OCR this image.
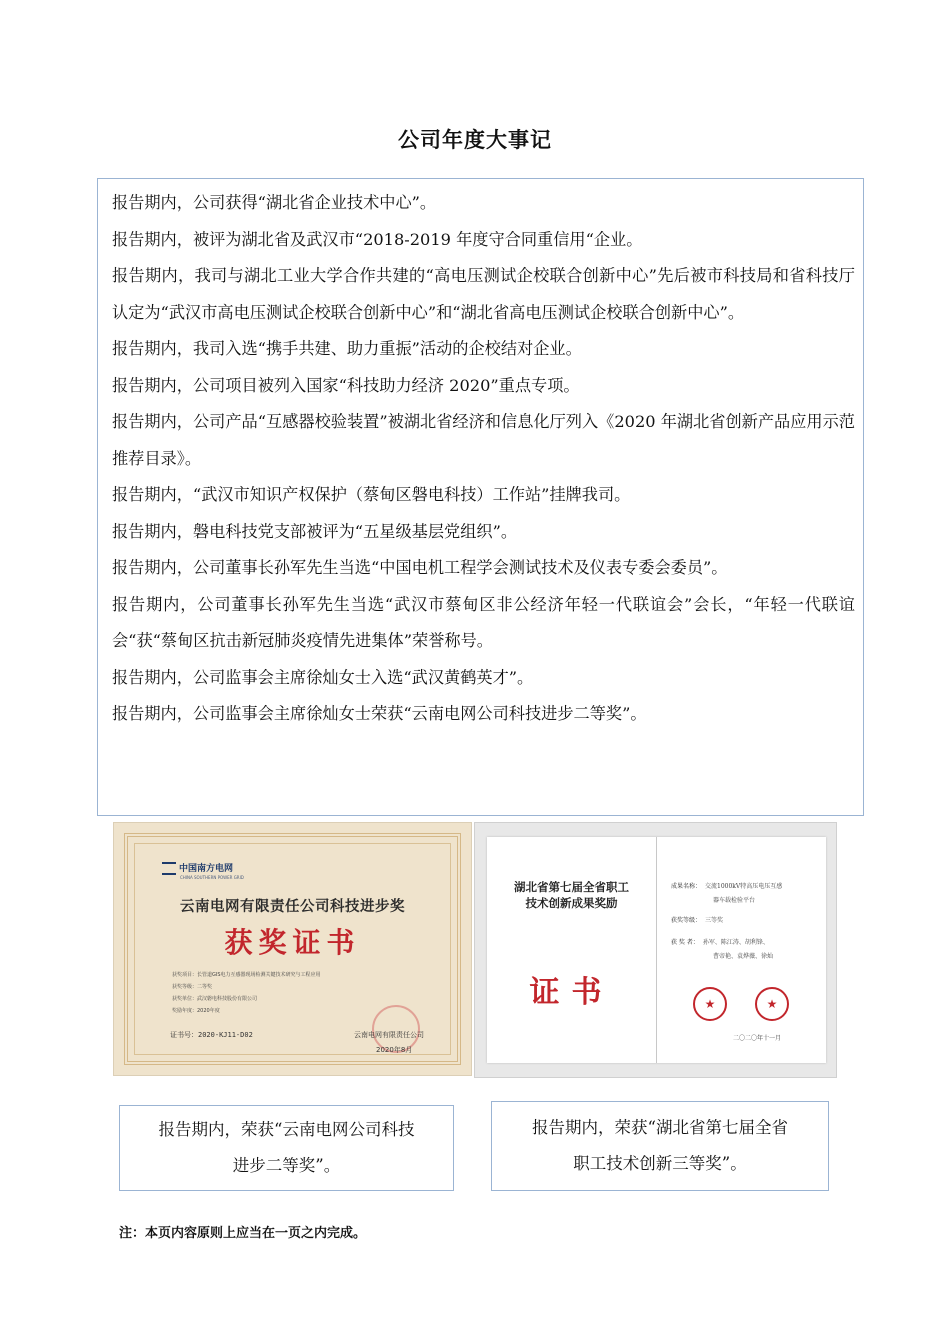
公司年度大事记

报告期内，公司获得“湖北省企业技术中心”。

报告期内，被评为湖北省及武汉市“2018-2019 年度守合同重信用“企业。

报告期内，我司与湖北工业大学合作共建的“高电压测试企校联合创新中心”先后被市科技局和省科技厅认定为“武汉市高电压测试企校联合创新中心”和“湖北省高电压测试企校联合创新中心”。

报告期内，我司入选“携手共建、助力重振”活动的企校结对企业。

报告期内，公司项目被列入国家“科技助力经济 2020”重点专项。

报告期内，公司产品“互感器校验装置”被湖北省经济和信息化厅列入《2020 年湖北省创新产品应用示范推荐目录》。

报告期内，“武汉市知识产权保护（蔡甸区磐电科技）工作站”挂牌我司。

报告期内，磐电科技党支部被评为“五星级基层党组织”。

报告期内，公司董事长孙军先生当选“中国电机工程学会测试技术及仪表专委会委员”。

报告期内，公司董事长孙军先生当选“武汉市蔡甸区非公经济年轻一代联谊会”会长，“年轻一代联谊会“获“蔡甸区抗击新冠肺炎疫情先进集体”荣誉称号。

报告期内，公司监事会主席徐灿女士入选“武汉黄鹤英才”。

报告期内，公司监事会主席徐灿女士荣获“云南电网公司科技进步二等奖”。

中国南方电网
CHINA SOUTHERN POWER GRID
云南电网有限责任公司科技进步奖
获奖证书
获奖项目：长管道GIS电力互感器现场检测关键技术研究与工程应用
获奖等级：二等奖
获奖单位：武汉磐电科技股份有限公司
奖励年度：2020年度
证书号：2020-KJ11-D02	云南电网有限责任公司
2020年8月
湖北省第七届全省职工
技术创新成果奖励
证书
成果名称： 交流1000kV特高压电压互感
器车载检验平台
获奖等级： 三等奖
获 奖 者： 孙军、陈江涛、胡利锋、
曹帝艳、袁烨薇、徐灿
★	★
二〇二〇年十一月
报告期内，荣获“云南电网公司科技
进步二等奖”。
报告期内，荣获“湖北省第七届全省
职工技术创新三等奖”。
注：本页内容原则上应当在一页之内完成。
